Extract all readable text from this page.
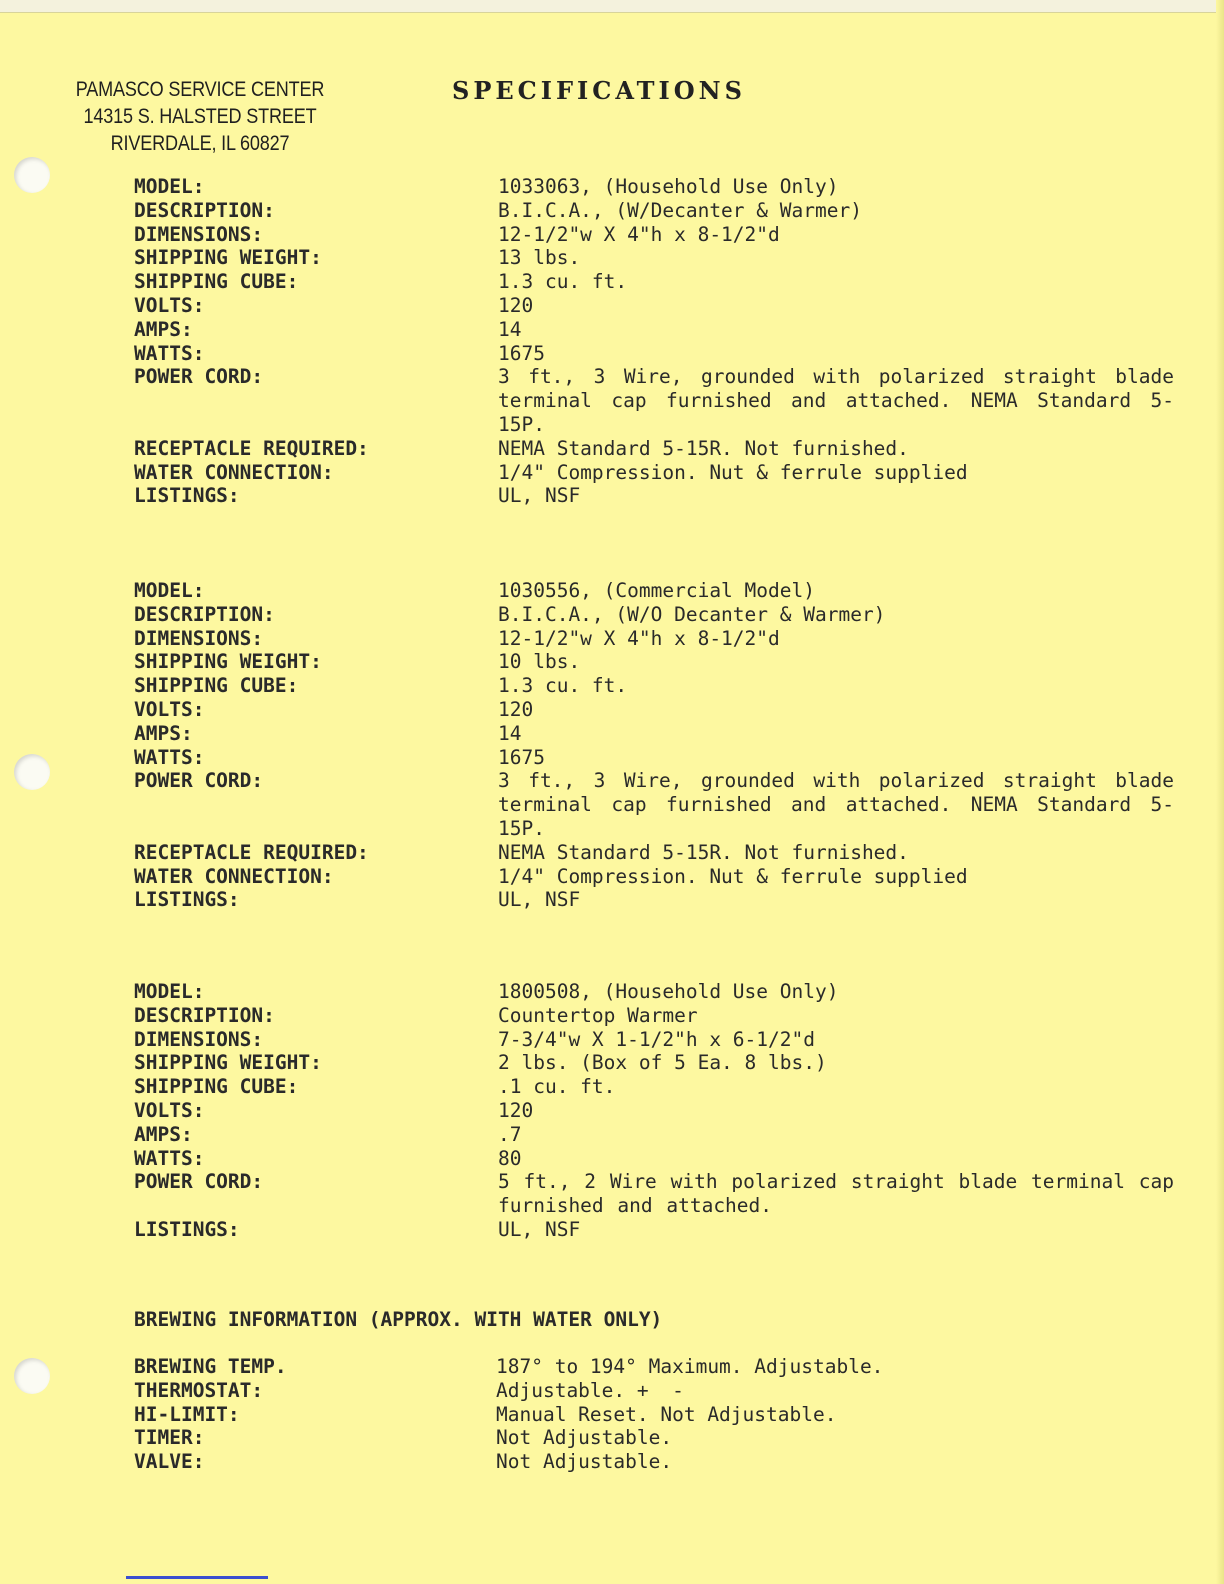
PAMASCO SERVICE CENTER
14315 S. HALSTED STREET
RIVERDALE, IL 60827
SPECIFICATIONS
MODEL:	1033063, (Household Use Only)
DESCRIPTION:	B.I.C.A., (W/Decanter & Warmer)
DIMENSIONS:	12-1/2"w X 4"h x 8-1/2"d
SHIPPING WEIGHT:	13 lbs.
SHIPPING CUBE:	1.3 cu. ft.
VOLTS:	120
AMPS:	14
WATTS:	1675
POWER CORD:	3 ft., 3 Wire, grounded with polarized straight blade terminal cap furnished and attached. NEMA Standard 5-15P.
RECEPTACLE REQUIRED:	NEMA Standard 5-15R. Not furnished.
WATER CONNECTION:	1/4" Compression. Nut & ferrule supplied
LISTINGS:	UL, NSF
MODEL:	1030556, (Commercial Model)
DESCRIPTION:	B.I.C.A., (W/O Decanter & Warmer)
DIMENSIONS:	12-1/2"w X 4"h x 8-1/2"d
SHIPPING WEIGHT:	10 lbs.
SHIPPING CUBE:	1.3 cu. ft.
VOLTS:	120
AMPS:	14
WATTS:	1675
POWER CORD:	3 ft., 3 Wire, grounded with polarized straight blade terminal cap furnished and attached. NEMA Standard 5-15P.
RECEPTACLE REQUIRED:	NEMA Standard 5-15R. Not furnished.
WATER CONNECTION:	1/4" Compression. Nut & ferrule supplied
LISTINGS:	UL, NSF
MODEL:	1800508, (Household Use Only)
DESCRIPTION:	Countertop Warmer
DIMENSIONS:	7-3/4"w X 1-1/2"h x 6-1/2"d
SHIPPING WEIGHT:	2 lbs. (Box of 5 Ea. 8 lbs.)
SHIPPING CUBE:	.1 cu. ft.
VOLTS:	120
AMPS:	.7
WATTS:	80
POWER CORD:	5 ft., 2 Wire with polarized straight blade terminal cap furnished and attached.
LISTINGS:	UL, NSF
BREWING INFORMATION (APPROX. WITH WATER ONLY)
BREWING TEMP.	187° to 194° Maximum. Adjustable.
THERMOSTAT:	Adjustable. +  -
HI-LIMIT:	Manual Reset. Not Adjustable.
TIMER:	Not Adjustable.
VALVE:	Not Adjustable.
